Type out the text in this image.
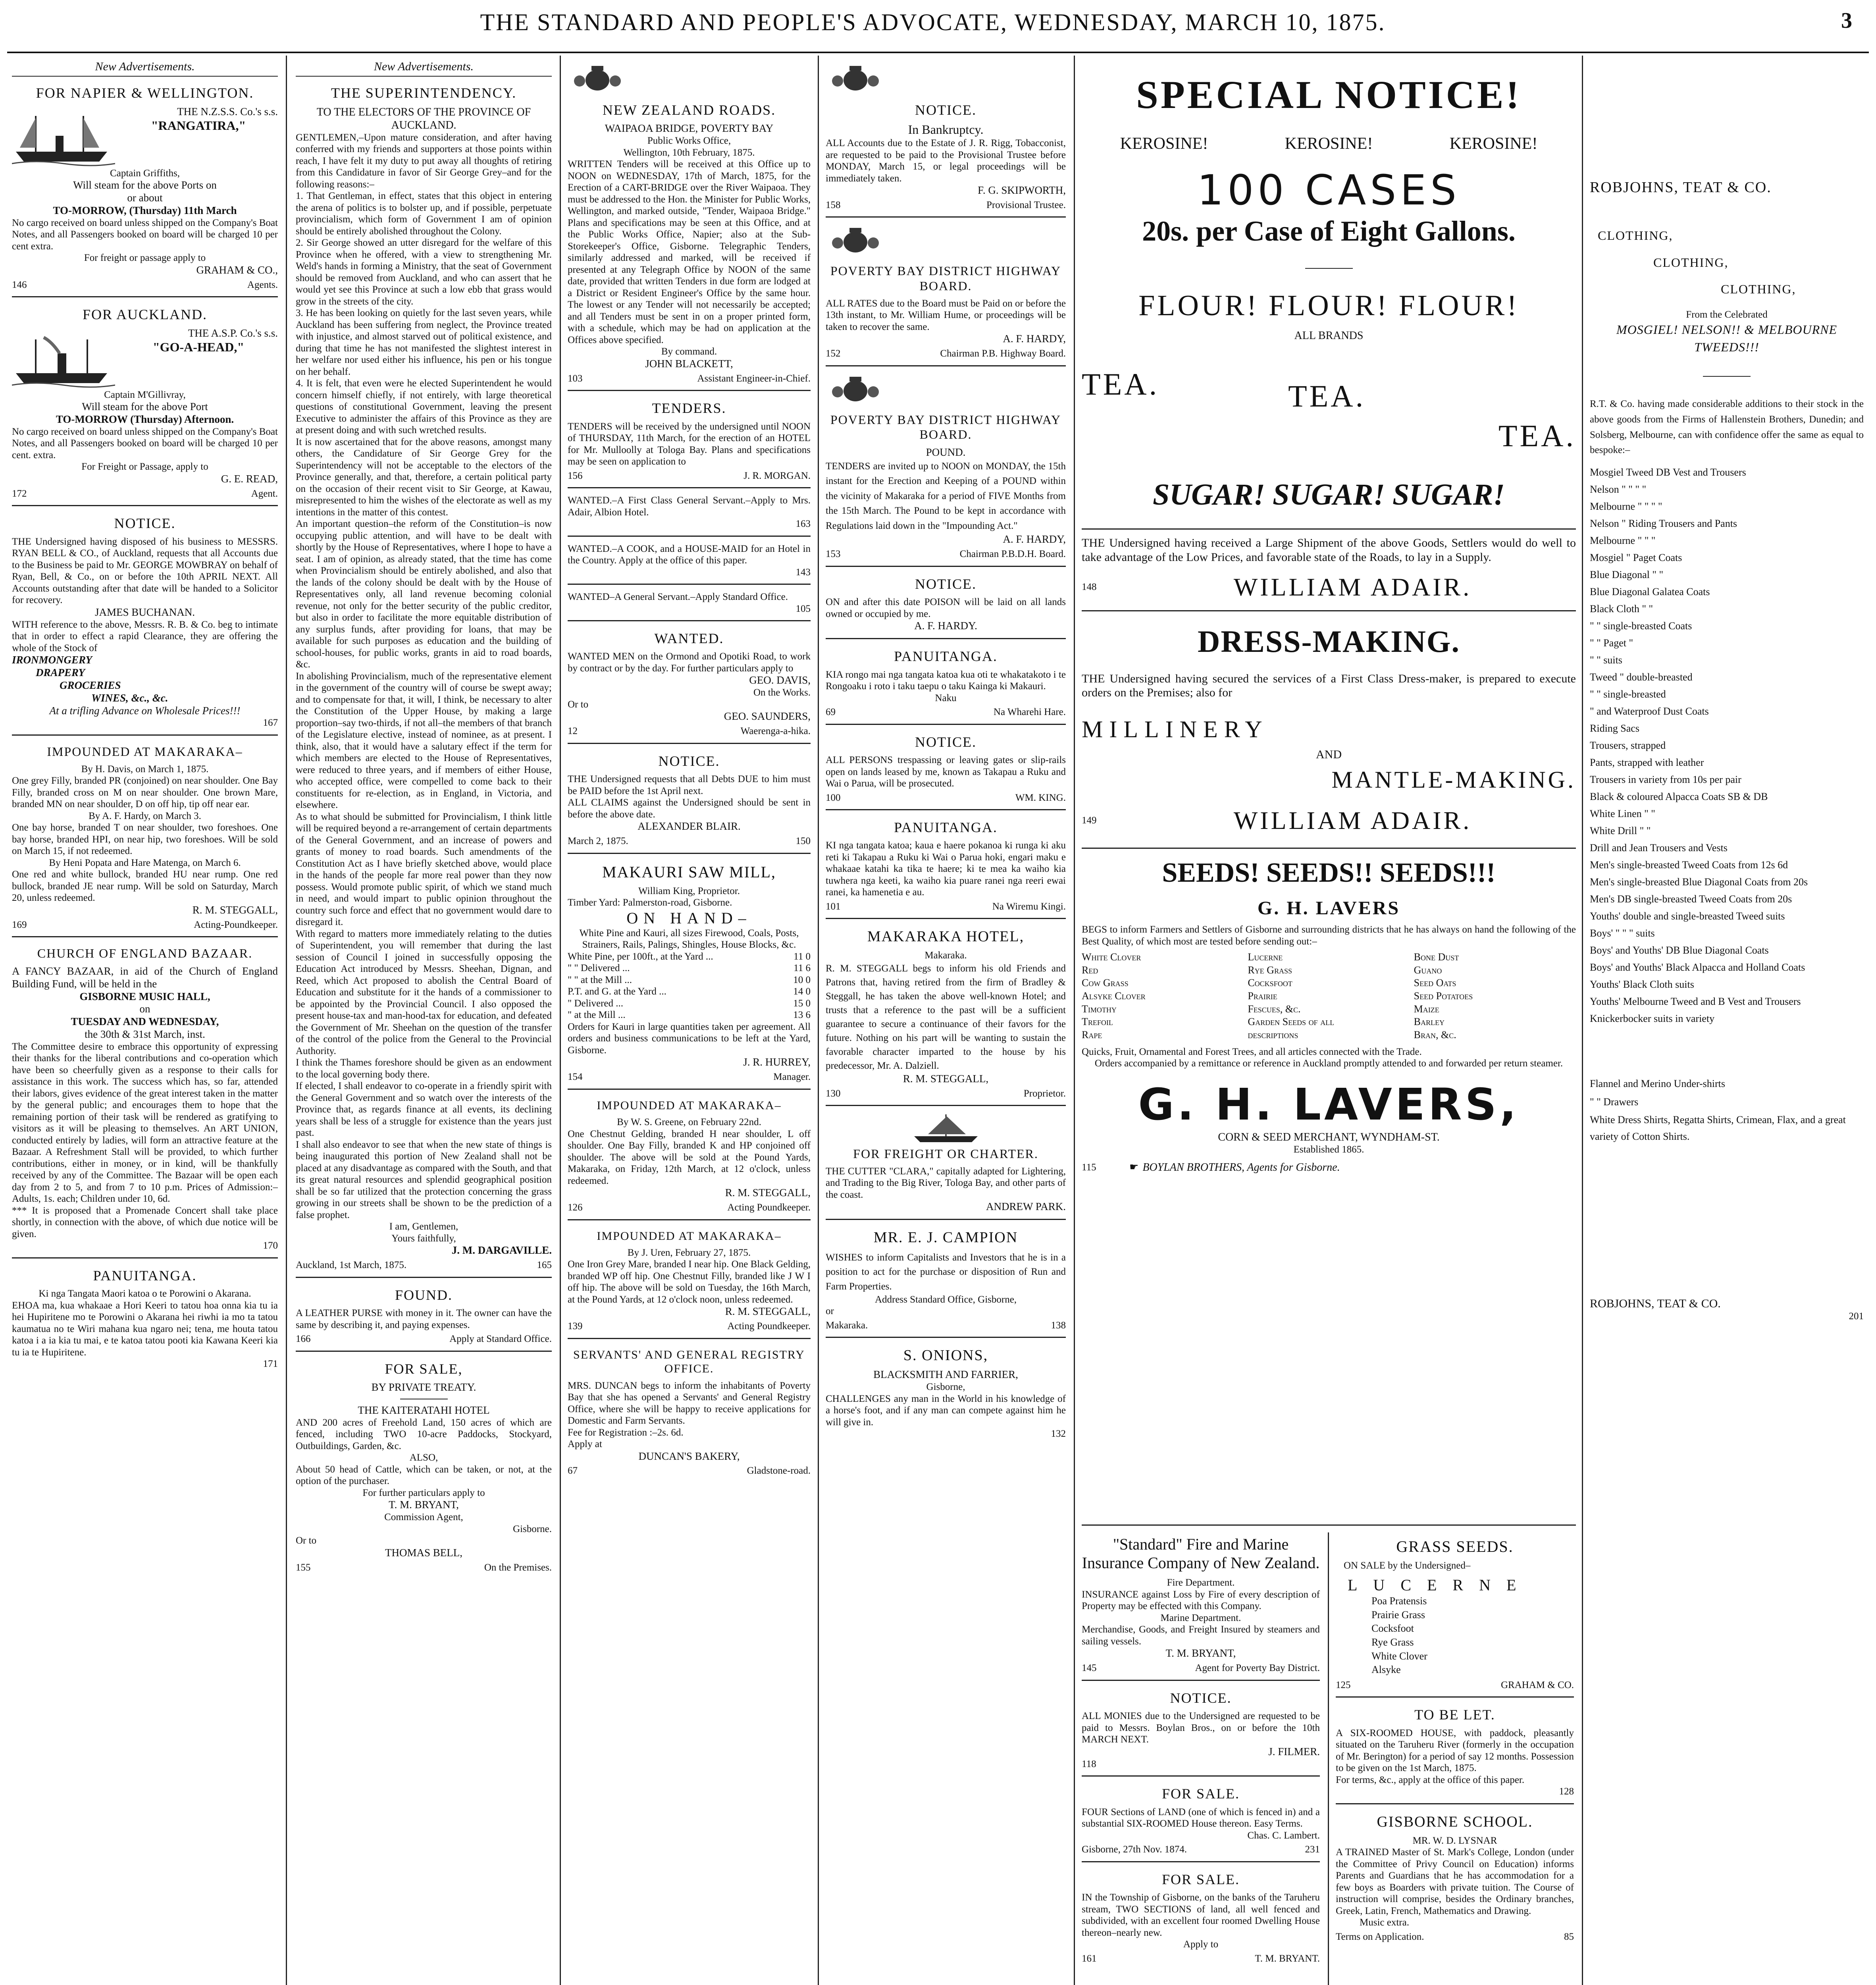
THE STANDARD AND PEOPLE'S ADVOCATE, WEDNESDAY, MARCH 10, 1875.	3
New Advertisements.
FOR NAPIER & WELLINGTON.
THE N.Z.S.S. Co.'s s.s.
"RANGATIRA,"
Captain Griffiths,
Will steam for the above Ports on
or about
TO-MORROW, (Thursday) 11th March
No cargo received on board unless shipped on the Company's Boat Notes, and all Passengers booked on board will be charged 10 per cent extra.
For freight or passage apply to
GRAHAM & CO.,
146	Agents.
FOR AUCKLAND.
THE A.S.P. Co.'s s.s.
"GO-A-HEAD,"
Captain M'Gillivray,
Will steam for the above Port
TO-MORROW (Thursday) Afternoon.
No cargo received on board unless shipped on the Company's Boat Notes, and all Passengers booked on board will be charged 10 per cent. extra.
For Freight or Passage, apply to
G. E. READ,
172	Agent.
NOTICE.
THE Undersigned having disposed of his business to MESSRS. RYAN BELL & CO., of Auckland, requests that all Accounts due to the Business be paid to Mr. GEORGE MOWBRAY on behalf of Ryan, Bell, & Co., on or before the 10th APRIL NEXT. All Accounts outstanding after that date will be handed to a Solicitor for recovery.
JAMES BUCHANAN.
WITH reference to the above, Messrs. R. B. & Co. beg to intimate that in order to effect a rapid Clearance, they are offering the whole of the Stock of
IRONMONGERY
DRAPERY
GROCERIES
WINES, &c., &c.
At a trifling Advance on Wholesale Prices!!!
167
IMPOUNDED AT MAKARAKA–
By H. Davis, on March 1, 1875.
One grey Filly, branded PR (conjoined) on near shoulder. One Bay Filly, branded cross on M on near shoulder. One brown Mare, branded MN on near shoulder, D on off hip, tip off near ear.
By A. F. Hardy, on March 3.
One bay horse, branded T on near shoulder, two foreshoes. One bay horse, branded HPI, on near hip, two foreshoes. Will be sold on March 15, if not redeemed.
By Heni Popata and Hare Matenga, on March 6.
One red and white bullock, branded HU near rump. One red bullock, branded JE near rump. Will be sold on Saturday, March 20, unless redeemed.
R. M. STEGGALL,
169	Acting-Poundkeeper.
CHURCH OF ENGLAND BAZAAR.
A FANCY BAZAAR, in aid of the Church of England Building Fund, will be held in the
GISBORNE MUSIC HALL,
on
TUESDAY AND WEDNESDAY,
the 30th & 31st March, inst.
The Committee desire to embrace this opportunity of expressing their thanks for the liberal contributions and co-operation which have been so cheerfully given as a response to their calls for assistance in this work. The success which has, so far, attended their labors, gives evidence of the great interest taken in the matter by the general public; and encourages them to hope that the remaining portion of their task will be rendered as gratifying to visitors as it will be pleasing to themselves. An ART UNION, conducted entirely by ladies, will form an attractive feature at the Bazaar. A Refreshment Stall will be provided, to which further contributions, either in money, or in kind, will be thankfully received by any of the Committee. The Bazaar will be open each day from 2 to 5, and from 7 to 10 p.m. Prices of Admission:–Adults, 1s. each; Children under 10, 6d.
*** It is proposed that a Promenade Concert shall take place shortly, in connection with the above, of which due notice will be given.
170
PANUITANGA.
Ki nga Tangata Maori katoa o te Porowini o Akarana.
EHOA ma, kua whakaae a Hori Keeri to tatou hoa onna kia tu ia hei Hupiritene mo te Porowini o Akarana hei riwhi ia mo ta tatou kaumatua no te Wiri mahana kua ngaro nei; tena, me houta tatou katoa i a ia kia tu mai, e te katoa tatou pooti kia Kawana Keeri kia tu ia te Hupiritene.
171
New Advertisements.
THE SUPERINTENDENCY.
TO THE ELECTORS OF THE PROVINCE OF AUCKLAND.
GENTLEMEN,–Upon mature consideration, and after having conferred with my friends and supporters at those points within reach, I have felt it my duty to put away all thoughts of retiring from this Candidature in favor of Sir George Grey–and for the following reasons:–
1. That Gentleman, in effect, states that this object in entering the arena of politics is to bolster up, and if possible, perpetuate provincialism, which form of Government I am of opinion should be entirely abolished throughout the Colony.
2. Sir George showed an utter disregard for the welfare of this Province when he offered, with a view to strengthening Mr. Weld's hands in forming a Ministry, that the seat of Government should be removed from Auckland, and who can assert that he would yet see this Province at such a low ebb that grass would grow in the streets of the city.
3. He has been looking on quietly for the last seven years, while Auckland has been suffering from neglect, the Province treated with injustice, and almost starved out of political existence, and during that time he has not manifested the slightest interest in her welfare nor used either his influence, his pen or his tongue on her behalf.
4. It is felt, that even were he elected Superintendent he would concern himself chiefly, if not entirely, with large theoretical questions of constitutional Government, leaving the present Executive to administer the affairs of this Province as they are at present doing and with such wretched results.
It is now ascertained that for the above reasons, amongst many others, the Candidature of Sir George Grey for the Superintendency will not be acceptable to the electors of the Province generally, and that, therefore, a certain political party on the occasion of their recent visit to Sir George, at Kawau, misrepresented to him the wishes of the electorate as well as my intentions in the matter of this contest.
An important question–the reform of the Constitution–is now occupying public attention, and will have to be dealt with shortly by the House of Representatives, where I hope to have a seat. I am of opinion, as already stated, that the time has come when Provincialism should be entirely abolished, and also that the lands of the colony should be dealt with by the House of Representatives only, all land revenue becoming colonial revenue, not only for the better security of the public creditor, but also in order to facilitate the more equitable distribution of any surplus funds, after providing for loans, that may be available for such purposes as education and the building of school-houses, for public works, grants in aid to road boards, &c.
In abolishing Provincialism, much of the representative element in the government of the country will of course be swept away; and to compensate for that, it will, I think, be necessary to alter the Constitution of the Upper House, by making a large proportion–say two-thirds, if not all–the members of that branch of the Legislature elective, instead of nominee, as at present. I think, also, that it would have a salutary effect if the term for which members are elected to the House of Representatives, were reduced to three years, and if members of either House, who accepted office, were compelled to come back to their constituents for re-election, as in England, in Victoria, and elsewhere.
As to what should be submitted for Provincialism, I think little will be required beyond a re-arrangement of certain departments of the General Government, and an increase of powers and grants of money to road boards. Such amendments of the Constitution Act as I have briefly sketched above, would place in the hands of the people far more real power than they now possess. Would promote public spirit, of which we stand much in need, and would impart to public opinion throughout the country such force and effect that no government would dare to disregard it.
With regard to matters more immediately relating to the duties of Superintendent, you will remember that during the last session of Council I joined in successfully opposing the Education Act introduced by Messrs. Sheehan, Dignan, and Reed, which Act proposed to abolish the Central Board of Education and substitute for it the hands of a commissioner to be appointed by the Provincial Council. I also opposed the present house-tax and man-hood-tax for education, and defeated the Government of Mr. Sheehan on the question of the transfer of the control of the police from the General to the Provincial Authority.
I think the Thames foreshore should be given as an endowment to the local governing body there.
If elected, I shall endeavor to co-operate in a friendly spirit with the General Government and so watch over the interests of the Province that, as regards finance at all events, its declining years shall be less of a struggle for existence than the years just past.
I shall also endeavor to see that when the new state of things is being inaugurated this portion of New Zealand shall not be placed at any disadvantage as compared with the South, and that its great natural resources and splendid geographical position shall be so far utilized that the protection concerning the grass growing in our streets shall be shown to be the prediction of a false prophet.
I am, Gentlemen,
Yours faithfully,
J. M. DARGAVILLE.
Auckland, 1st March, 1875.	165
FOUND.
A LEATHER PURSE with money in it. The owner can have the same by describing it, and paying expenses.
166	Apply at Standard Office.
FOR SALE,
BY PRIVATE TREATY.
THE KAITERATAHI HOTEL
AND 200 acres of Freehold Land, 150 acres of which are fenced, including TWO 10-acre Paddocks, Stockyard, Outbuildings, Garden, &c.
ALSO,
About 50 head of Cattle, which can be taken, or not, at the option of the purchaser.
For further particulars apply to
T. M. BRYANT,
Commission Agent,
Gisborne.
Or to
THOMAS BELL,
155	On the Premises.
NEW ZEALAND ROADS.
WAIPAOA BRIDGE, POVERTY BAY
Public Works Office,
Wellington, 10th February, 1875.
WRITTEN Tenders will be received at this Office up to NOON on WEDNESDAY, 17th of March, 1875, for the Erection of a CART-BRIDGE over the River Waipaoa. They must be addressed to the Hon. the Minister for Public Works, Wellington, and marked outside, "Tender, Waipaoa Bridge." Plans and specifications may be seen at this Office, and at the Public Works Office, Napier; also at the Sub-Storekeeper's Office, Gisborne. Telegraphic Tenders, similarly addressed and marked, will be received if presented at any Telegraph Office by NOON of the same date, provided that written Tenders in due form are lodged at a District or Resident Engineer's Office by the same hour. The lowest or any Tender will not necessarily be accepted; and all Tenders must be sent in on a proper printed form, with a schedule, which may be had on application at the Offices above specified.
By command.
JOHN BLACKETT,
103	Assistant Engineer-in-Chief.
TENDERS.
TENDERS will be received by the undersigned until NOON of THURSDAY, 11th March, for the erection of an HOTEL for Mr. Mulloolly at Tologa Bay. Plans and specifications may be seen on application to
156	J. R. MORGAN.
WANTED.–A First Class General Servant.–Apply to Mrs. Adair, Albion Hotel.
163
WANTED.–A COOK, and a HOUSE-MAID for an Hotel in the Country. Apply at the office of this paper.
143
WANTED–A General Servant.–Apply Standard Office.
105
WANTED.
WANTED MEN on the Ormond and Opotiki Road, to work by contract or by the day. For further particulars apply to
GEO. DAVIS,
On the Works.
Or to
GEO. SAUNDERS,
12	Waerenga-a-hika.
NOTICE.
THE Undersigned requests that all Debts DUE to him must be PAID before the 1st April next.
ALL CLAIMS against the Undersigned should be sent in before the above date.
ALEXANDER BLAIR.
March 2, 1875.	150
MAKAURI SAW MILL,
William King, Proprietor.
Timber Yard: Palmerston-road, Gisborne.
ON HAND–
White Pine and Kauri, all sizes Firewood, Coals, Posts, Strainers, Rails, Palings, Shingles, House Blocks, &c.
White Pine, per 100ft., at the Yard ...	11 0
" " Delivered ...	11 6
" " at the Mill ...	10 0
P.T. and G. at the Yard ...	14 0
" Delivered ...	15 0
" at the Mill ...	13 6
Orders for Kauri in large quantities taken per agreement. All orders and business communications to be left at the Yard, Gisborne.
J. R. HURREY,
154	Manager.
IMPOUNDED AT MAKARAKA–
By W. S. Greene, on February 22nd.
One Chestnut Gelding, branded H near shoulder, L off shoulder. One Bay Filly, branded K and HP conjoined off shoulder. The above will be sold at the Pound Yards, Makaraka, on Friday, 12th March, at 12 o'clock, unless redeemed.
R. M. STEGGALL,
126	Acting Poundkeeper.
IMPOUNDED AT MAKARAKA–
By J. Uren, February 27, 1875.
One Iron Grey Mare, branded I near hip. One Black Gelding, branded WP off hip. One Chestnut Filly, branded like J W I off hip. The above will be sold on Tuesday, the 16th March, at the Pound Yards, at 12 o'clock noon, unless redeemed.
R. M. STEGGALL,
139	Acting Poundkeeper.
SERVANTS' AND GENERAL REGISTRY OFFICE.
MRS. DUNCAN begs to inform the inhabitants of Poverty Bay that she has opened a Servants' and General Registry Office, where she will be happy to receive applications for Domestic and Farm Servants.
Fee for Registration :–2s. 6d.
Apply at
DUNCAN'S BAKERY,
67	Gladstone-road.
NOTICE.
In Bankruptcy.
ALL Accounts due to the Estate of J. R. Rigg, Tobacconist, are requested to be paid to the Provisional Trustee before MONDAY, March 15, or legal proceedings will be immediately taken.
F. G. SKIPWORTH,
158	Provisional Trustee.
POVERTY BAY DISTRICT HIGHWAY BOARD.
ALL RATES due to the Board must be Paid on or before the 13th instant, to Mr. William Hume, or proceedings will be taken to recover the same.
A. F. HARDY,
152	Chairman P.B. Highway Board.
POVERTY BAY DISTRICT HIGHWAY BOARD.
POUND.
TENDERS are invited up to NOON on MONDAY, the 15th instant for the Erection and Keeping of a POUND within the vicinity of Makaraka for a period of FIVE Months from the 15th March. The Pound to be kept in accordance with Regulations laid down in the "Impounding Act."
A. F. HARDY,
153	Chairman P.B.D.H. Board.
NOTICE.
ON and after this date POISON will be laid on all lands owned or occupied by me.
A. F. HARDY.
PANUITANGA.
KIA rongo mai nga tangata katoa kua oti te whakatakoto i te Rongoaku i roto i taku taepu o taku Kainga ki Makauri.
Naku
69	Na Wharehi Hare.
NOTICE.
ALL PERSONS trespassing or leaving gates or slip-rails open on lands leased by me, known as Takapau a Ruku and Wai o Parua, will be prosecuted.
100	WM. KING.
PANUITANGA.
KI nga tangata katoa; kaua e haere pokanoa ki runga ki aku reti ki Takapau a Ruku ki Wai o Parua hoki, engari maku e whakaae katahi ka tika te haere; ki te mea ka waiho kia tuwhera nga keeti, ka waiho kia puare ranei nga reeri ewai ranei, ka hamenetia e au.
101	Na Wiremu Kingi.
MAKARAKA HOTEL,
Makaraka.
R. M. STEGGALL begs to inform his old Friends and Patrons that, having retired from the firm of Bradley & Steggall, he has taken the above well-known Hotel; and trusts that a reference to the past will be a sufficient guarantee to secure a continuance of their favors for the future. Nothing on his part will be wanting to sustain the favorable character imparted to the house by his predecessor, Mr. A. Dalziell.
R. M. STEGGALL,
130	Proprietor.
FOR FREIGHT OR CHARTER.
THE CUTTER "CLARA," capitally adapted for Lightering, and Trading to the Big River, Tologa Bay, and other parts of the coast.
ANDREW PARK.
MR. E. J. CAMPION
WISHES to inform Capitalists and Investors that he is in a position to act for the purchase or disposition of Run and Farm Properties.
Address Standard Office, Gisborne,
or
Makaraka.	138
S. ONIONS,
BLACKSMITH AND FARRIER,
Gisborne,
CHALLENGES any man in the World in his knowledge of a horse's foot, and if any man can compete against him he will give in.
132
SPECIAL NOTICE!
KEROSINE!	KEROSINE!	KEROSINE!
100 CASES
20s. per Case of Eight Gallons.
FLOUR! FLOUR! FLOUR!
ALL BRANDS
TEA.	TEA.
TEA.
SUGAR! SUGAR! SUGAR!
THE Undersigned having received a Large Shipment of the above Goods, Settlers would do well to take advantage of the Low Prices, and favorable state of the Roads, to lay in a Supply.
148	WILLIAM ADAIR.
DRESS-MAKING.
THE Undersigned having secured the services of a First Class Dress-maker, is prepared to execute orders on the Premises; also for
MILLINERY
AND
MANTLE-MAKING.
149	WILLIAM ADAIR.
SEEDS! SEEDS!! SEEDS!!!
G. H. LAVERS
BEGS to inform Farmers and Settlers of Gisborne and surrounding districts that he has always on hand the following of the Best Quality, of which most are tested before sending out:–
White Clover	Lucerne	Bone Dust
Red	Rye Grass	Guano
Cow Grass	Cocksfoot	Seed Oats
Alsyke Clover	Prairie	Seed Potatoes
Timothy	Fescues, &c.	Maize
Trefoil	Garden Seeds of all	Barley
Rape	descriptions	Bran, &c.
Quicks, Fruit, Ornamental and Forest Trees, and all articles connected with the Trade.
Orders accompanied by a remittance or reference in Auckland promptly attended to and forwarded per return steamer.
G. H. LAVERS,
CORN & SEED MERCHANT, WYNDHAM-ST.
Established 1865.
115	☛ BOYLAN BROTHERS, Agents for Gisborne.
"Standard" Fire and Marine Insurance Company of New Zealand.
Fire Department.
INSURANCE against Loss by Fire of every description of Property may be effected with this Company.
Marine Department.
Merchandise, Goods, and Freight Insured by steamers and sailing vessels.
T. M. BRYANT,
145	Agent for Poverty Bay District.
NOTICE.
ALL MONIES due to the Undersigned are requested to be paid to Messrs. Boylan Bros., on or before the 10th MARCH NEXT.
J. FILMER.
118
FOR SALE.
FOUR Sections of LAND (one of which is fenced in) and a substantial SIX-ROOMED House thereon. Easy Terms.
Chas. C. Lambert.
Gisborne, 27th Nov. 1874.	231
FOR SALE.
IN the Township of Gisborne, on the banks of the Taruheru stream, TWO SECTIONS of land, all well fenced and subdivided, with an excellent four roomed Dwelling House thereon–nearly new.
Apply to
161	T. M. BRYANT.
GRASS SEEDS.
ON SALE by the Undersigned–
LUCERNE
Poa Pratensis
Prairie Grass
Cocksfoot
Rye Grass
White Clover
Alsyke
125	GRAHAM & CO.
TO BE LET.
A SIX-ROOMED HOUSE, with paddock, pleasantly situated on the Taruheru River (formerly in the occupation of Mr. Berington) for a period of say 12 months. Possession to be given on the 1st March, 1875.
For terms, &c., apply at the office of this paper.
128
GISBORNE SCHOOL.
MR. W. D. LYSNAR
A TRAINED Master of St. Mark's College, London (under the Committee of Privy Council on Education) informs Parents and Guardians that he has accommodation for a few boys as Boarders with private tuition. The Course of instruction will comprise, besides the Ordinary branches, Greek, Latin, French, Mathematics and Drawing.
Music extra.
Terms on Application.	85
ROBJOHNS, TEAT & CO.
CLOTHING,
CLOTHING,
CLOTHING,
From the Celebrated
MOSGIEL! NELSON!! & MELBOURNE TWEEDS!!!
R.T. & Co. having made considerable additions to their stock in the above goods from the Firms of Hallenstein Brothers, Dunedin; and Solsberg, Melbourne, can with confidence offer the same as equal to bespoke:–
Mosgiel Tweed DB Vest and Trousers
Nelson " " " "
Melbourne " " " "
Nelson " Riding Trousers and Pants
Melbourne " " "
Mosgiel " Paget Coats
Blue Diagonal " "
Blue Diagonal Galatea Coats
Black Cloth " "
" " single-breasted Coats
" " Paget "
" " suits
Tweed " double-breasted
" " single-breasted
" and Waterproof Dust Coats
Riding Sacs
Trousers, strapped
Pants, strapped with leather
Trousers in variety from 10s per pair
Black & coloured Alpacca Coats SB & DB
White Linen " "
White Drill " "
Drill and Jean Trousers and Vests
Men's single-breasted Tweed Coats from 12s 6d
Men's single-breasted Blue Diagonal Coats from 20s
Men's DB single-breasted Tweed Coats from 20s
Youths' double and single-breasted Tweed suits
Boys' " " " suits
Boys' and Youths' DB Blue Diagonal Coats
Boys' and Youths' Black Alpacca and Holland Coats
Youths' Black Cloth suits
Youths' Melbourne Tweed and B Vest and Trousers
Knickerbocker suits in variety
Flannel and Merino Under-shirts
" " Drawers
White Dress Shirts, Regatta Shirts, Crimean, Flax, and a great variety of Cotton Shirts.
ROBJOHNS, TEAT & CO.
201
